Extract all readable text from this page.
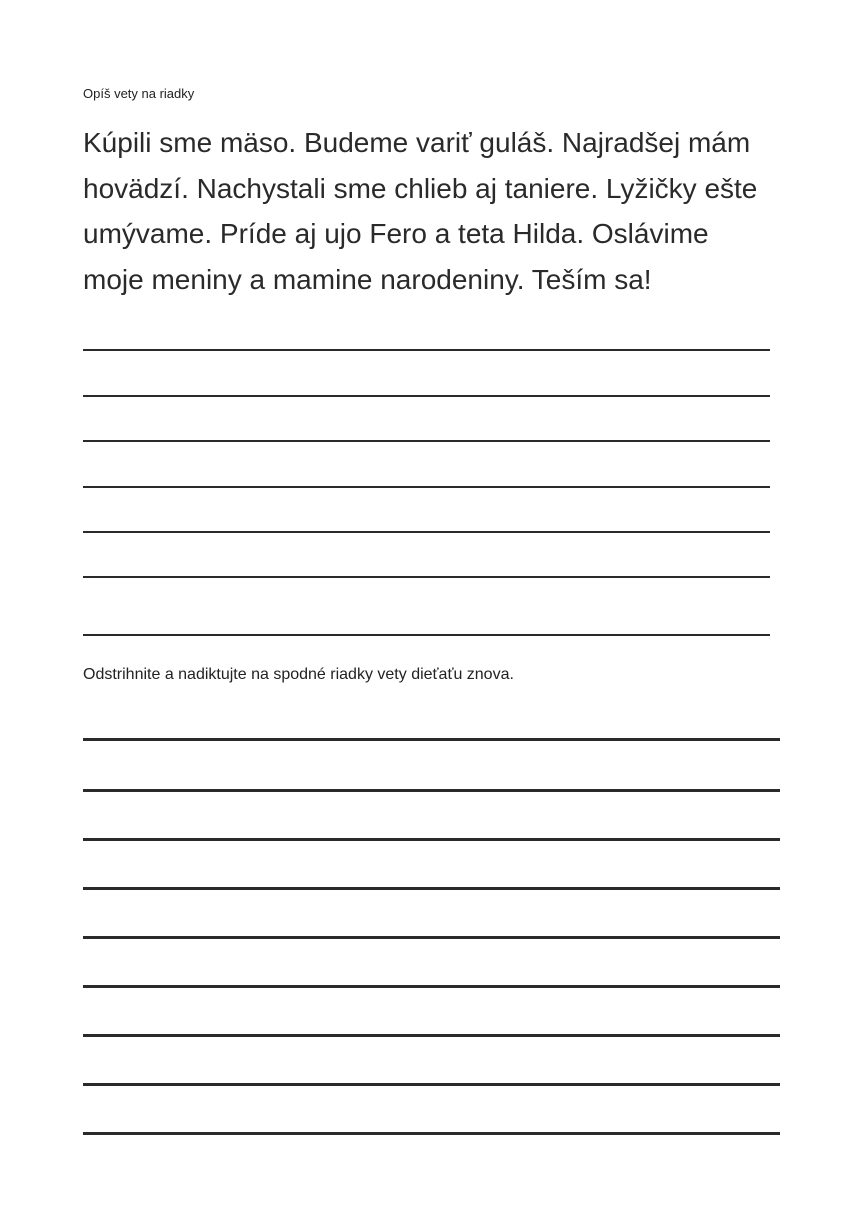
Opíš vety na riadky
Kúpili sme mäso. Budeme variť guláš. Najradšej mám
hovädzí. Nachystali sme chlieb aj taniere. Lyžičky ešte
umývame. Príde aj ujo Fero a teta Hilda. Oslávime
moje meniny a mamine narodeniny. Teším sa!
Odstrihnite a nadiktujte na spodné riadky vety dieťaťu znova.
